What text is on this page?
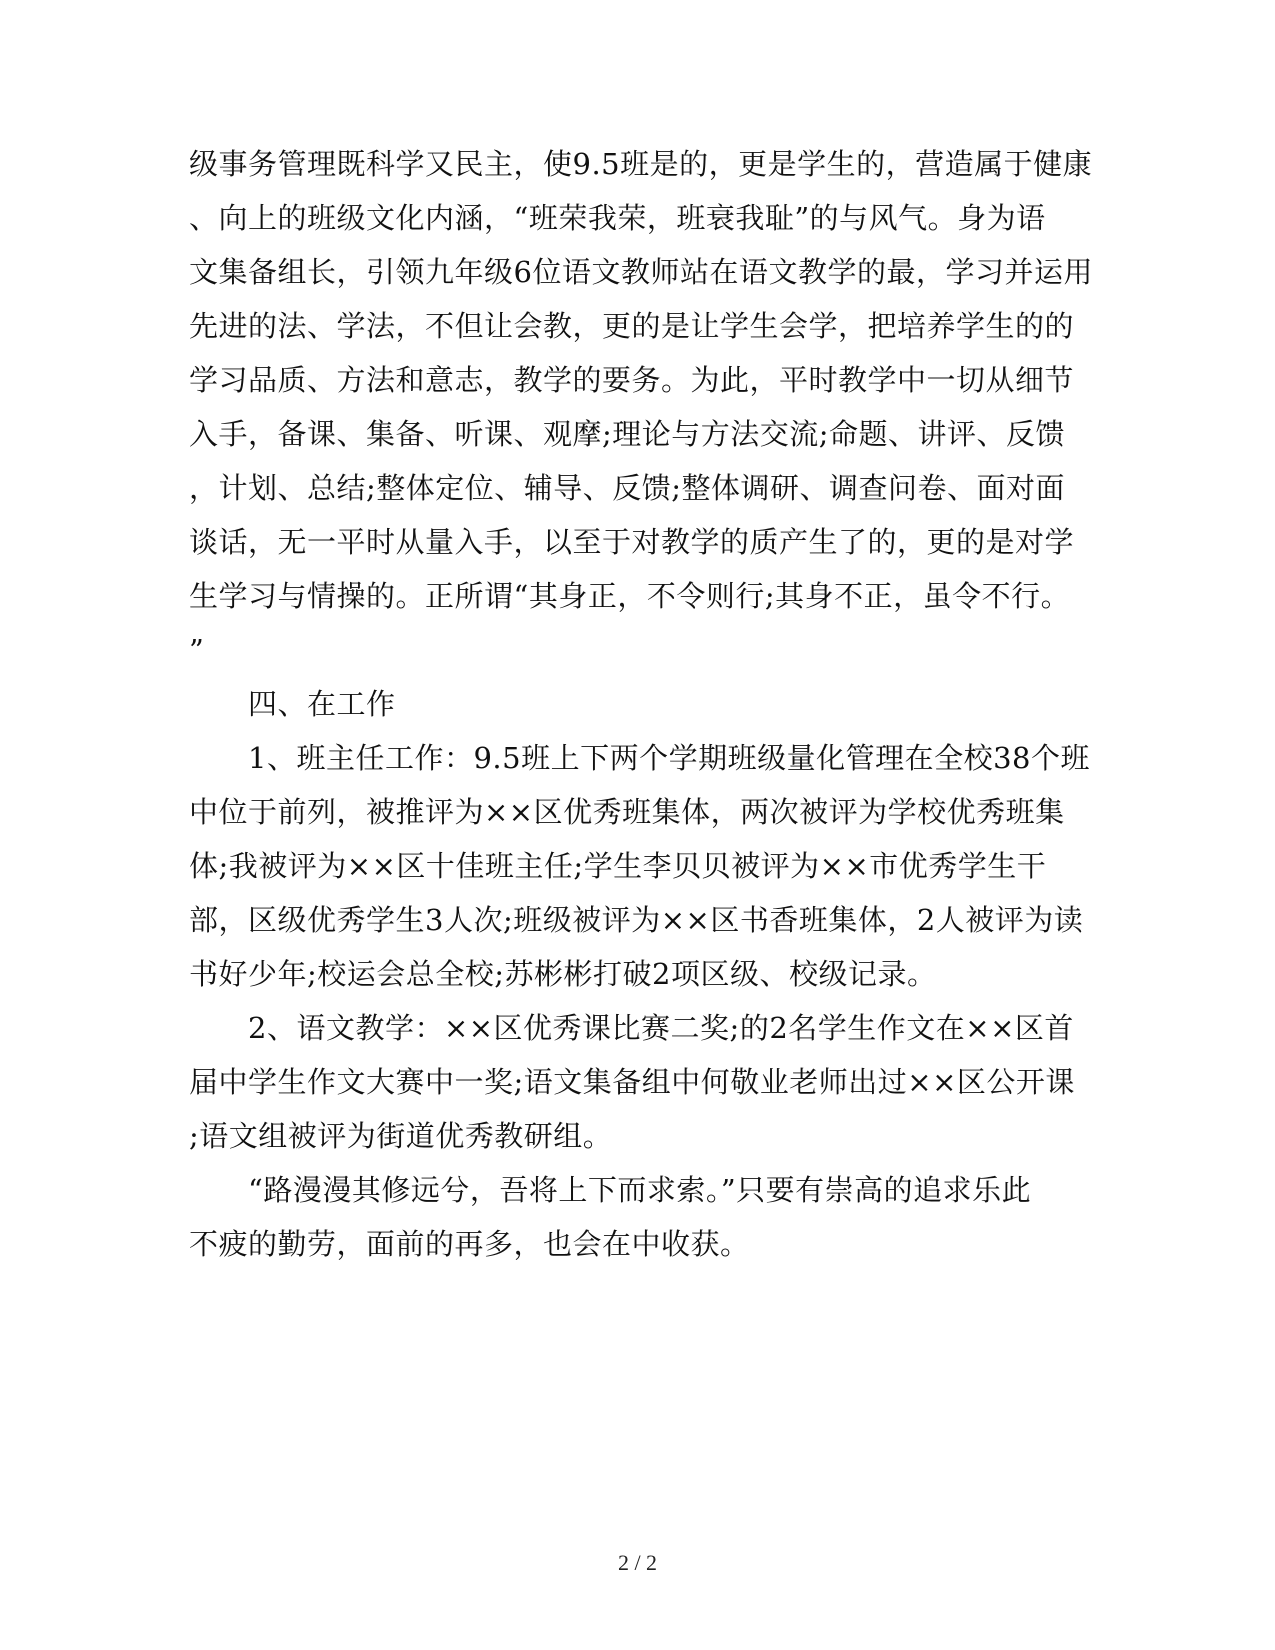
级事务管理既科学又民主，使9.5班是的，更是学生的，营造属于健康
、向上的班级文化内涵，“班荣我荣，班衰我耻”的与风气。身为语
文集备组长，引领九年级6位语文教师站在语文教学的最，学习并运用
先进的法、学法，不但让会教，更的是让学生会学，把培养学生的的
学习品质、方法和意志，教学的要务。为此，平时教学中一切从细节
入手，备课、集备、听课、观摩;理论与方法交流;命题、讲评、反馈
，计划、总结;整体定位、辅导、反馈;整体调研、调查问卷、面对面
谈话，无一平时从量入手，以至于对教学的质产生了的，更的是对学
生学习与情操的。正所谓“其身正，不令则行;其身不正，虽令不行。
”
四、在工作
1、班主任工作：9.5班上下两个学期班级量化管理在全校38个班
中位于前列，被推评为××区优秀班集体，两次被评为学校优秀班集
体;我被评为××区十佳班主任;学生李贝贝被评为××市优秀学生干
部，区级优秀学生3人次;班级被评为××区书香班集体，2人被评为读
书好少年;校运会总全校;苏彬彬打破2项区级、校级记录。
2、语文教学：××区优秀课比赛二奖;的2名学生作文在××区首
届中学生作文大赛中一奖;语文集备组中何敬业老师出过××区公开课
;语文组被评为街道优秀教研组。
“路漫漫其修远兮，吾将上下而求索。”只要有崇高的追求乐此
不疲的勤劳，面前的再多，也会在中收获。
2 / 2
